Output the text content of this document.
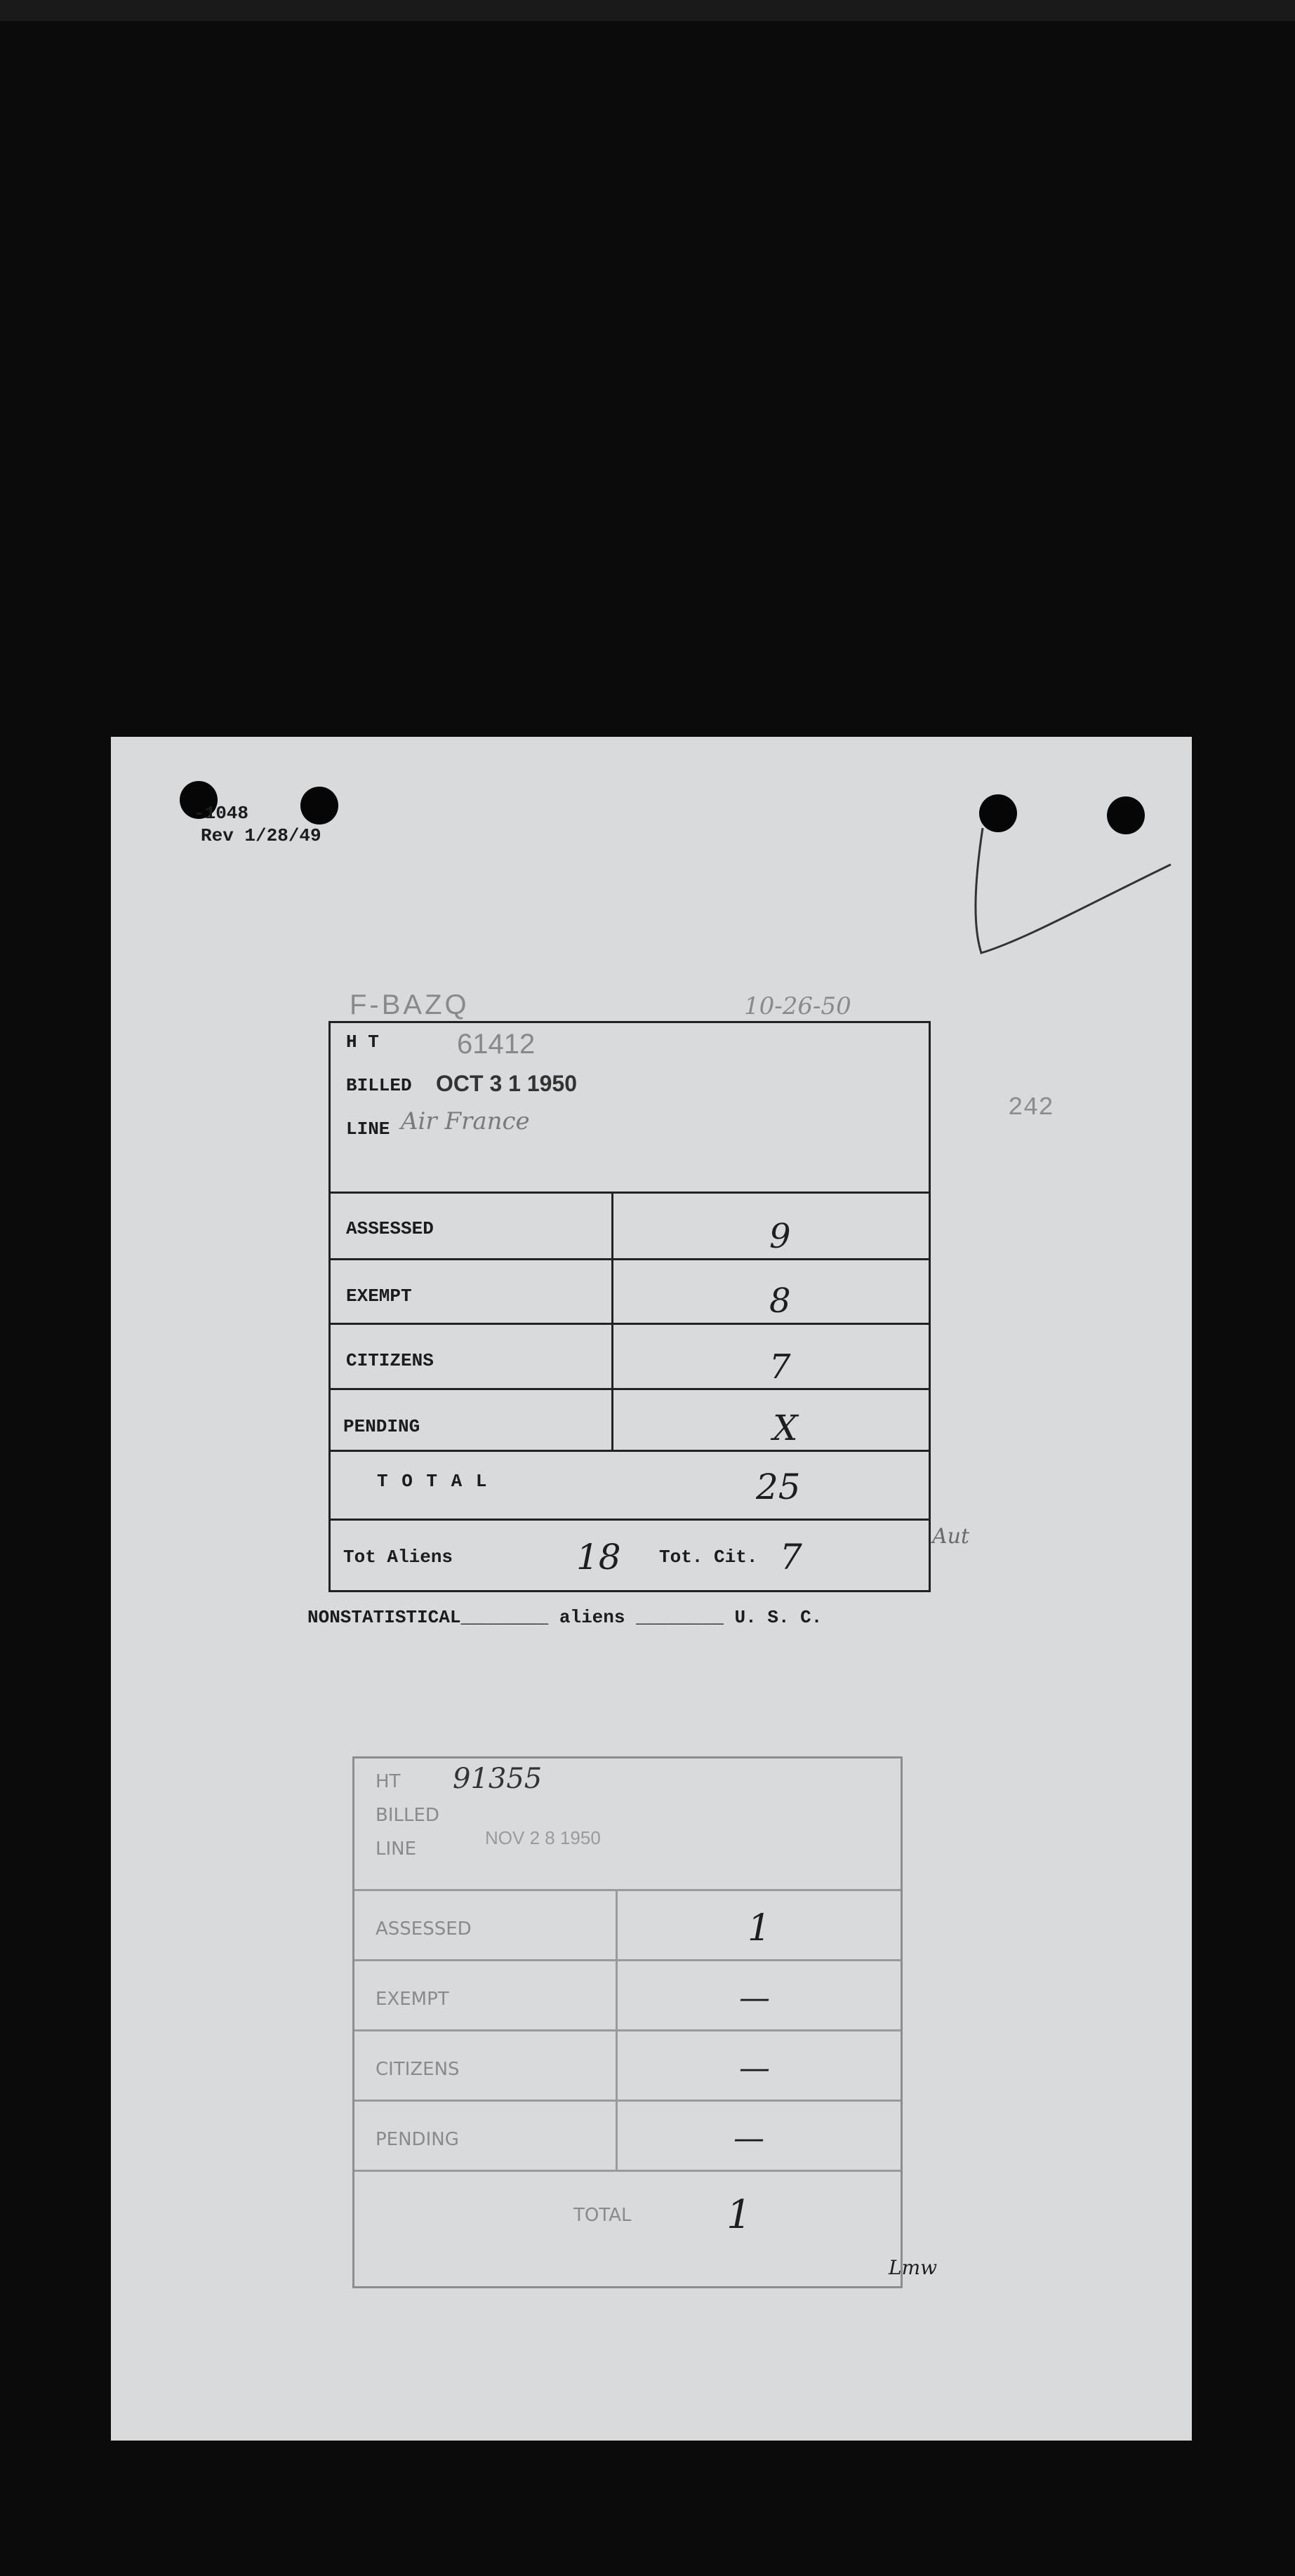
-1048
Rev 1/28/49
F-BAZQ	10-26-50
242
H T	61412
BILLED OCT 3 1 1950
LINE Air France
ASSESSED	9
EXEMPT	8
CITIZENS	7
PENDING	X
T O T A L	25
Tot Aliens	18 Tot. Cit. 7
Aut
NONSTATISTICAL________ aliens ________ U. S. C.
HT 91355
BILLED
LINE
NOV 2 8 1950
ASSESSED	1
EXEMPT	—
CITIZENS	—
PENDING	—
TOTAL 1
Lmw
